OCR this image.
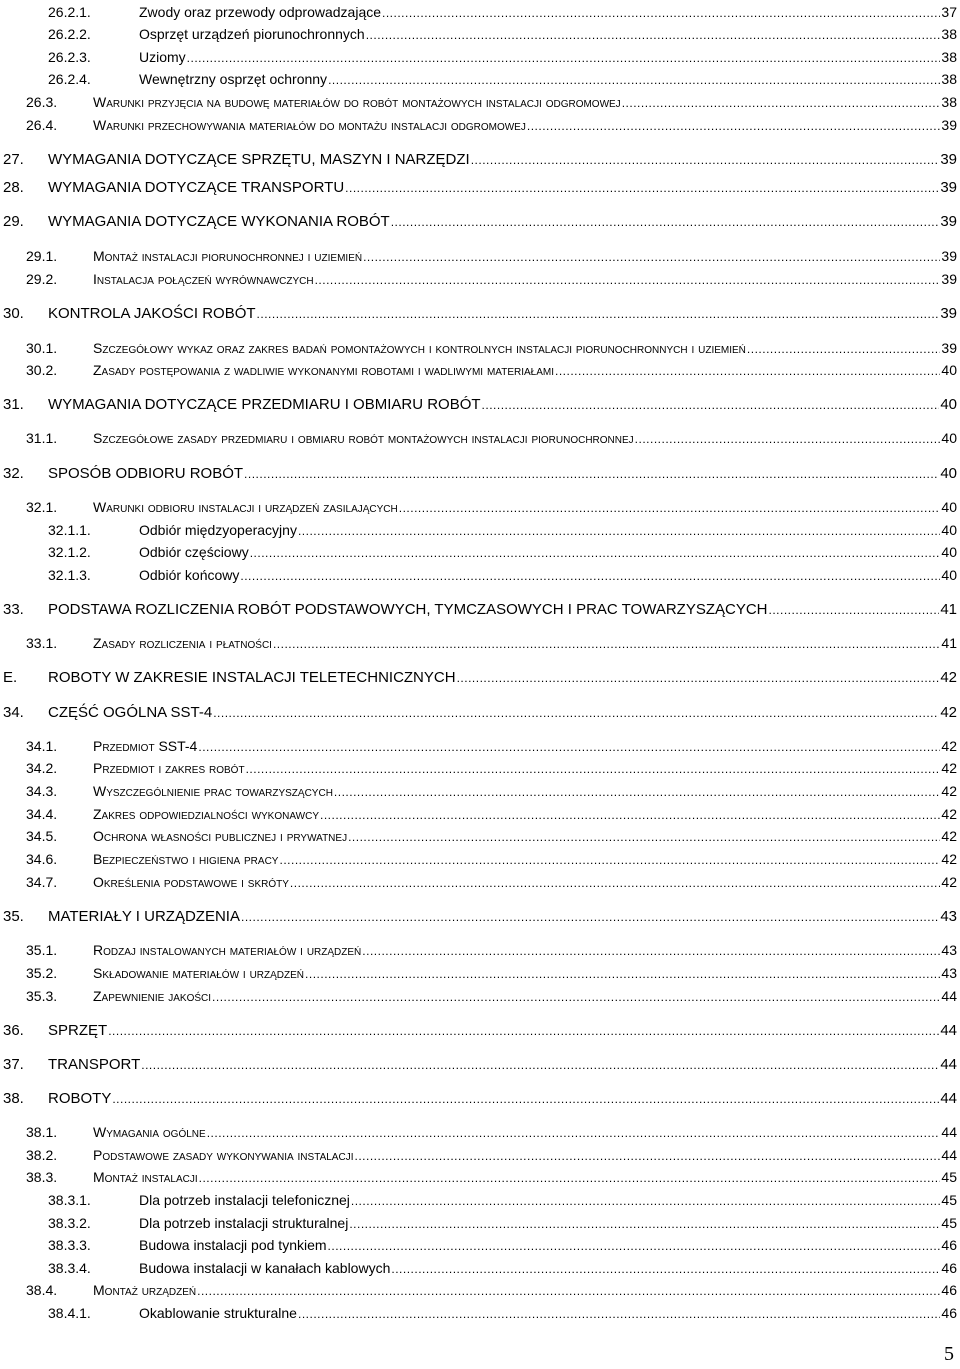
26.2.1.	Zwody oraz przewody odprowadzające .....	37
26.2.2.	Osprzęt urządzeń piorunochronnych .....	38
26.2.3.	Uziomy .....	38
26.2.4.	Wewnętrzny osprzęt ochronny .....	38
26.3.	Warunki przyjęcia na budowę materiałów do robót montażowych instalacji odgromowej .....	38
26.4.	Warunki przechowywania materiałów do montażu instalacji odgromowej .....	39
27. WYMAGANIA DOTYCZĄCE SPRZĘTU, MASZYN I NARZĘDZI .....	39
28. WYMAGANIA DOTYCZĄCE TRANSPORTU .....	39
29. WYMAGANIA DOTYCZĄCE WYKONANIA ROBÓT .....	39
29.1.	Montaż instalacji piorunochronnej i uziemień .....	39
29.2.	Instalacja połączeń wyrównawczych .....	39
30. KONTROLA JAKOŚCI ROBÓT .....	39
30.1.	Szczegółowy wykaz oraz zakres badań pomontażowych i kontrolnych instalacji piorunochronnych i uziemień .....	39
30.2.	Zasady postępowania z wadliwie wykonanymi robotami i wadliwymi materiałami .....	40
31. WYMAGANIA DOTYCZĄCE PRZEDMIARU I OBMIARU ROBÓT .....	40
31.1.	Szczegółowe zasady przedmiaru i obmiaru robót montażowych instalacji piorunochronnej .....	40
32. SPOSÓB ODBIORU ROBÓT .....	40
32.1.	Warunki odbioru instalacji i urządzeń zasilających .....	40
32.1.1.	Odbiór międzyoperacyjny .....	40
32.1.2.	Odbiór częściowy .....	40
32.1.3.	Odbiór końcowy .....	40
33. PODSTAWA ROZLICZENIA ROBÓT PODSTAWOWYCH, TYMCZASOWYCH I PRAC TOWARZYSZĄCYCH .....	41
33.1.	Zasady rozliczenia i płatności .....	41
E. ROBOTY W ZAKRESIE INSTALACJI TELETECHNICZNYCH .....	42
34. CZĘŚĆ OGÓLNA SST-4 .....	42
34.1.	Przedmiot SST-4 .....	42
34.2.	Przedmiot i zakres robót .....	42
34.3.	Wyszczególnienie prac towarzyszących .....	42
34.4.	Zakres odpowiedzialności wykonawcy .....	42
34.5.	Ochrona własności publicznej i prywatnej .....	42
34.6.	Bezpieczeństwo i higiena pracy .....	42
34.7.	Określenia podstawowe i skróty .....	42
35. MATERIAŁY I URZĄDZENIA .....	43
35.1.	Rodzaj instalowanych materiałów i urządzeń .....	43
35.2.	Składowanie materiałów i urządzeń .....	43
35.3.	Zapewnienie jakości .....	44
36. SPRZĘT .....	44
37. TRANSPORT .....	44
38. ROBOTY .....	44
38.1.	Wymagania ogólne .....	44
38.2.	Podstawowe zasady wykonywania instalacji .....	44
38.3.	Montaż instalacji .....	45
38.3.1.	Dla potrzeb instalacji telefonicznej .....	45
38.3.2.	Dla potrzeb instalacji strukturalnej .....	45
38.3.3.	Budowa instalacji pod tynkiem .....	46
38.3.4.	Budowa instalacji w kanałach kablowych .....	46
38.4.	Montaż urządzeń .....	46
38.4.1.	Okablowanie strukturalne .....	46
5
